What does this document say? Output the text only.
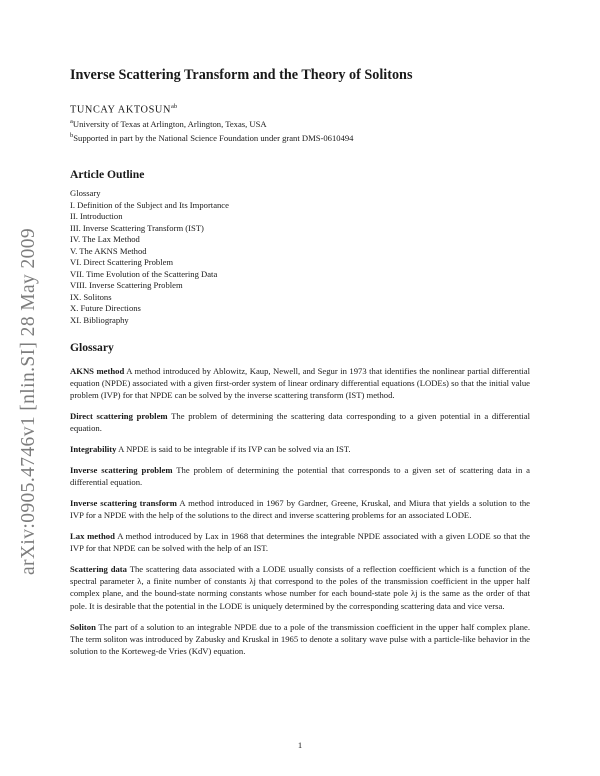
arXiv:0905.4746v1 [nlin.SI] 28 May 2009
Inverse Scattering Transform and the Theory of Solitons
TUNCAY $AKTOSUN^{ab}$
$^a$University of Texas at Arlington, Arlington, Texas, USA
$^b$Supported in part by the National Science Foundation under grant DMS-0610494
Article Outline
Glossary
I. Definition of the Subject and Its Importance
II. Introduction
III. Inverse Scattering Transform (IST)
IV. The Lax Method
V. The AKNS Method
VI. Direct Scattering Problem
VII. Time Evolution of the Scattering Data
VIII. Inverse Scattering Problem
IX. Solitons
X. Future Directions
XI. Bibliography
Glossary

AKNS method A method introduced by Ablowitz, Kaup, Newell, and Segur in 1973 that identifies the nonlinear partial differential equation (NPDE) associated with a given first-order system of linear ordinary differential equations (LODEs) so that the initial value problem (IVP) for that NPDE can be solved by the inverse scattering transform (IST) method.

Direct scattering problem The problem of determining the scattering data corresponding to a given potential in a differential equation.

Integrability A NPDE is said to be integrable if its IVP can be solved via an IST.

Inverse scattering problem The problem of determining the potential that corresponds to a given set of scattering data in a differential equation.

Inverse scattering transform A method introduced in 1967 by Gardner, Greene, Kruskal, and Miura that yields a solution to the IVP for a NPDE with the help of the solutions to the direct and inverse scattering problems for an associated LODE.

Lax method A method introduced by Lax in 1968 that determines the integrable NPDE associated with a given LODE so that the IVP for that NPDE can be solved with the help of an IST.

Scattering data The scattering data associated with a LODE usually consists of a reflection coefficient which is a function of the spectral parameter λ, a finite number of constants λj that correspond to the poles of the transmission coefficient in the upper half complex plane, and the bound-state norming constants whose number for each bound-state pole λj is the same as the order of that pole. It is desirable that the potential in the LODE is uniquely determined by the corresponding scattering data and vice versa.

Soliton The part of a solution to an integrable NPDE due to a pole of the transmission coefficient in the upper half complex plane. The term soliton was introduced by Zabusky and Kruskal in 1965 to denote a solitary wave pulse with a particle-like behavior in the solution to the Korteweg-de Vries (KdV) equation.

1
